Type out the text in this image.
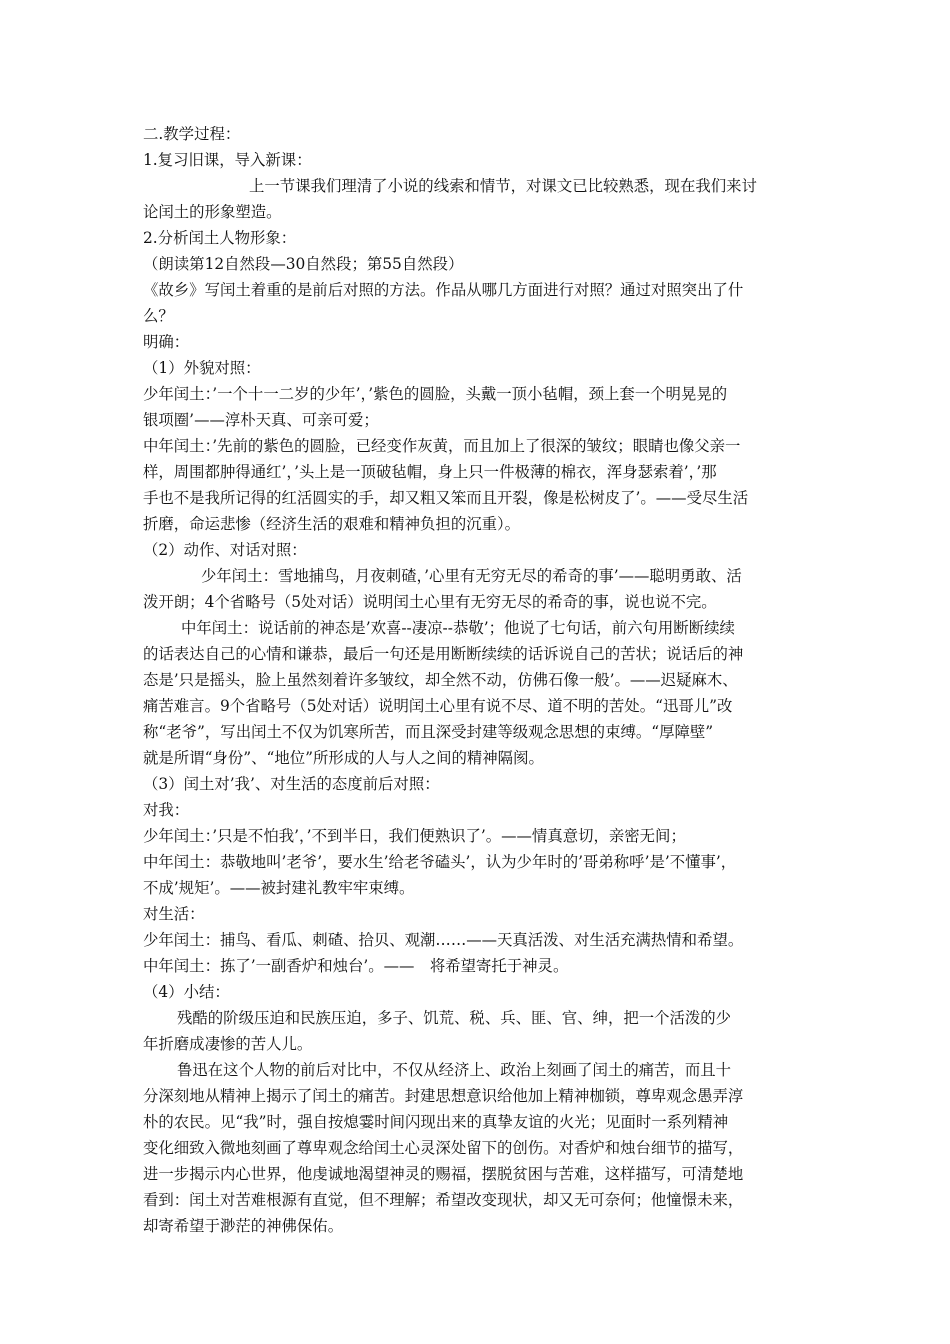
二.教学过程：
1.复习旧课，导入新课：
上一节课我们理清了小说的线索和情节，对课文已比较熟悉，现在我们来讨
论闰土的形象塑造。
2.分析闰土人物形象：
（朗读第12自然段—30自然段；第55自然段）
《故乡》写闰土着重的是前后对照的方法。作品从哪几方面进行对照？通过对照突出了什
么？
明确：
（1）外貌对照：
少年闰土：’一个十一二岁的少年’，’紫色的圆脸，头戴一顶小毡帽，颈上套一个明晃晃的
银项圈’——淳朴天真、可亲可爱；
中年闰土：’先前的紫色的圆脸，已经变作灰黄，而且加上了很深的皱纹；眼睛也像父亲一
样，周围都肿得通红’，’头上是一顶破毡帽，身上只一件极薄的棉衣，浑身瑟索着’，’那
手也不是我所记得的红活圆实的手，却又粗又笨而且开裂，像是松树皮了’。——受尽生活
折磨，命运悲惨（经济生活的艰难和精神负担的沉重）。
（2）动作、对话对照：
少年闰土：雪地捕鸟，月夜刺碴，’心里有无穷无尽的希奇的事’——聪明勇敢、活
泼开朗；4个省略号（5处对话）说明闰土心里有无穷无尽的希奇的事，说也说不完。
中年闰土：说话前的神态是’欢喜--凄凉--恭敬’；他说了七句话，前六句用断断续续
的话表达自己的心情和谦恭，最后一句还是用断断续续的话诉说自己的苦状；说话后的神
态是’只是摇头，脸上虽然刻着许多皱纹，却全然不动，仿佛石像一般’。——迟疑麻木、
痛苦难言。9个省略号（5处对话）说明闰土心里有说不尽、道不明的苦处。“迅哥儿”改
称“老爷”，写出闰土不仅为饥寒所苦，而且深受封建等级观念思想的束缚。“厚障壁”
就是所谓“身份”、“地位”所形成的人与人之间的精神隔阂。
（3）闰土对’我’、对生活的态度前后对照：
对我：
少年闰土：’只是不怕我’，’不到半日，我们便熟识了’。——情真意切，亲密无间；
中年闰土：恭敬地叫’老爷’，要水生’给老爷磕头’，认为少年时的’哥弟称呼’是’不懂事’，
不成’规矩’。——被封建礼教牢牢束缚。
对生活：
少年闰土：捕鸟、看瓜、刺碴、拾贝、观潮……——天真活泼、对生活充满热情和希望。
中年闰土：拣了’一副香炉和烛台’。——　将希望寄托于神灵。
（4）小结：
残酷的阶级压迫和民族压迫，多子、饥荒、税、兵、匪、官、绅，把一个活泼的少
年折磨成凄惨的苦人儿。
鲁迅在这个人物的前后对比中，不仅从经济上、政治上刻画了闰土的痛苦，而且十
分深刻地从精神上揭示了闰土的痛苦。封建思想意识给他加上精神枷锁，尊卑观念愚弄淳
朴的农民。见“我”时，强自按熄霎时间闪现出来的真挚友谊的火光；见面时一系列精神
变化细致入微地刻画了尊卑观念给闰土心灵深处留下的创伤。对香炉和烛台细节的描写，
进一步揭示内心世界，他虔诚地渴望神灵的赐福，摆脱贫困与苦难，这样描写，可清楚地
看到：闰土对苦难根源有直觉，但不理解；希望改变现状，却又无可奈何；他憧憬未来，
却寄希望于渺茫的神佛保佑。
